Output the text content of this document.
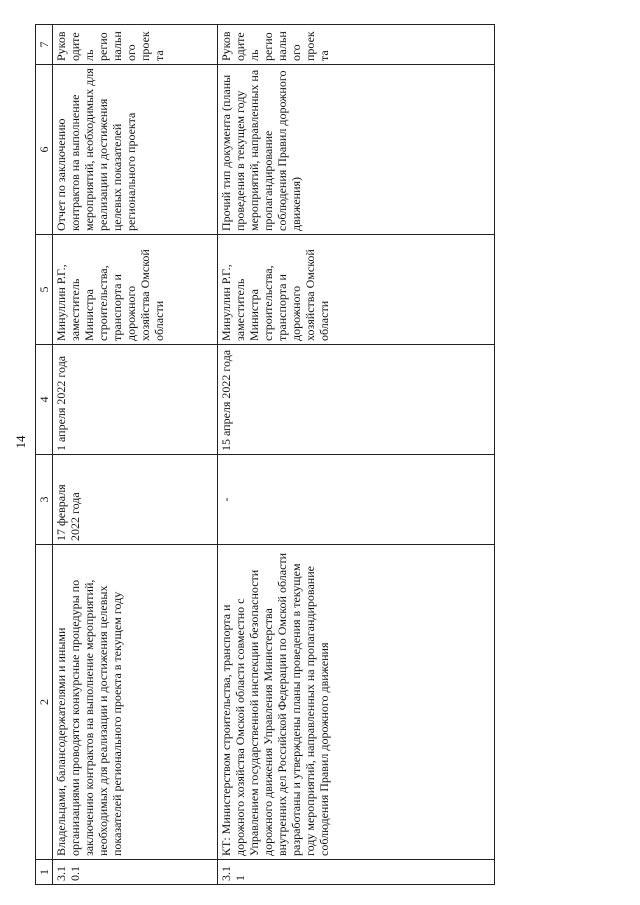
14
1	2	3	4	5	6	7
3.10.1	Владельцами, балансодержателями и иными организациями проводятся конкурсные процедуры по заключению контрактов на выполнение мероприятий, необходимых для реализации и достижения целевых показателей регионального проекта в текущем году	17 февраля 2022 года	1 апреля 2022 года	Минуллин Р.Г., заместитель Министра строительства, транспорта и дорожного хозяйства Омской области	Отчет по заключению контрактов на выполнение мероприятий, необходимых для реализации и достижения целевых показателей регионального проекта	Руководитель регионального проекта
3.11	КТ: Министерством строительства, транспорта и дорожного хозяйства Омской области совместно с Управлением государственной инспекции безопасности дорожного движения Управления Министерства внутренних дел Российской Федерации по Омской области разработаны и утверждены планы проведения в текущем году мероприятий, направленных на пропагандирование соблюдения Правил дорожного движения	-	15 апреля 2022 года	Минуллин Р.Г., заместитель Министра строительства, транспорта и дорожного хозяйства Омской области	Прочий тип документа (планы проведения в текущем году мероприятий, направленных на пропагандирование соблюдения Правил дорожного движения)	Руководитель регионального проекта
